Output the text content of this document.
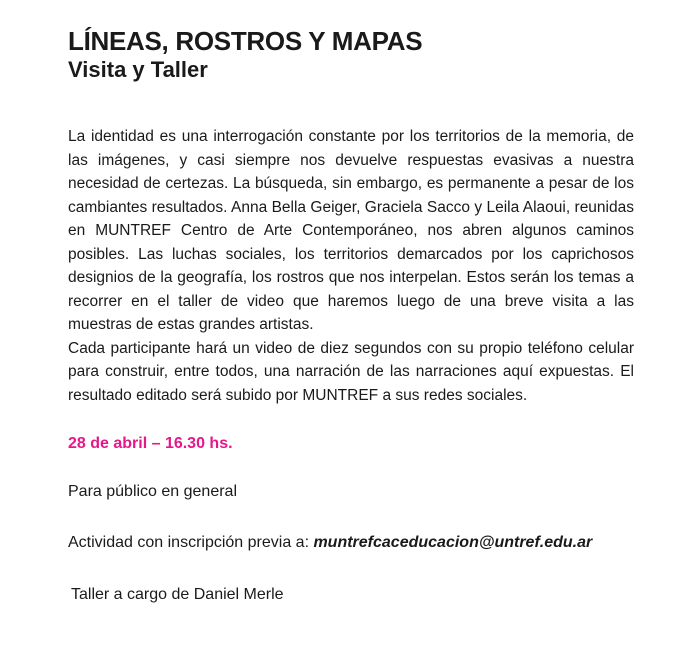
LÍNEAS, ROSTROS Y MAPAS
Visita y Taller

La identidad es una interrogación constante por los territorios de la memoria, de las imágenes, y casi siempre nos devuelve respuestas evasivas a nuestra necesidad de certezas. La búsqueda, sin embargo, es permanente a pesar de los cambiantes resultados. Anna Bella Geiger, Graciela Sacco y Leila Alaoui, reunidas en MUNTREF Centro de Arte Contemporáneo, nos abren algunos caminos posibles. Las luchas sociales, los territorios demarcados por los caprichosos designios de la geografía, los rostros que nos interpelan. Estos serán los temas a recorrer en el taller de video que haremos luego de una breve visita a las muestras de estas grandes artistas.

Cada participante hará un video de diez segundos con su propio teléfono celular para construir, entre todos, una narración de las narraciones aquí expuestas. El resultado editado será subido por MUNTREF a sus redes sociales.

28 de abril – 16.30 hs.
Para público en general
Actividad con inscripción previa a: muntrefcaceducacion@untref.edu.ar
Taller a cargo de Daniel Merle
